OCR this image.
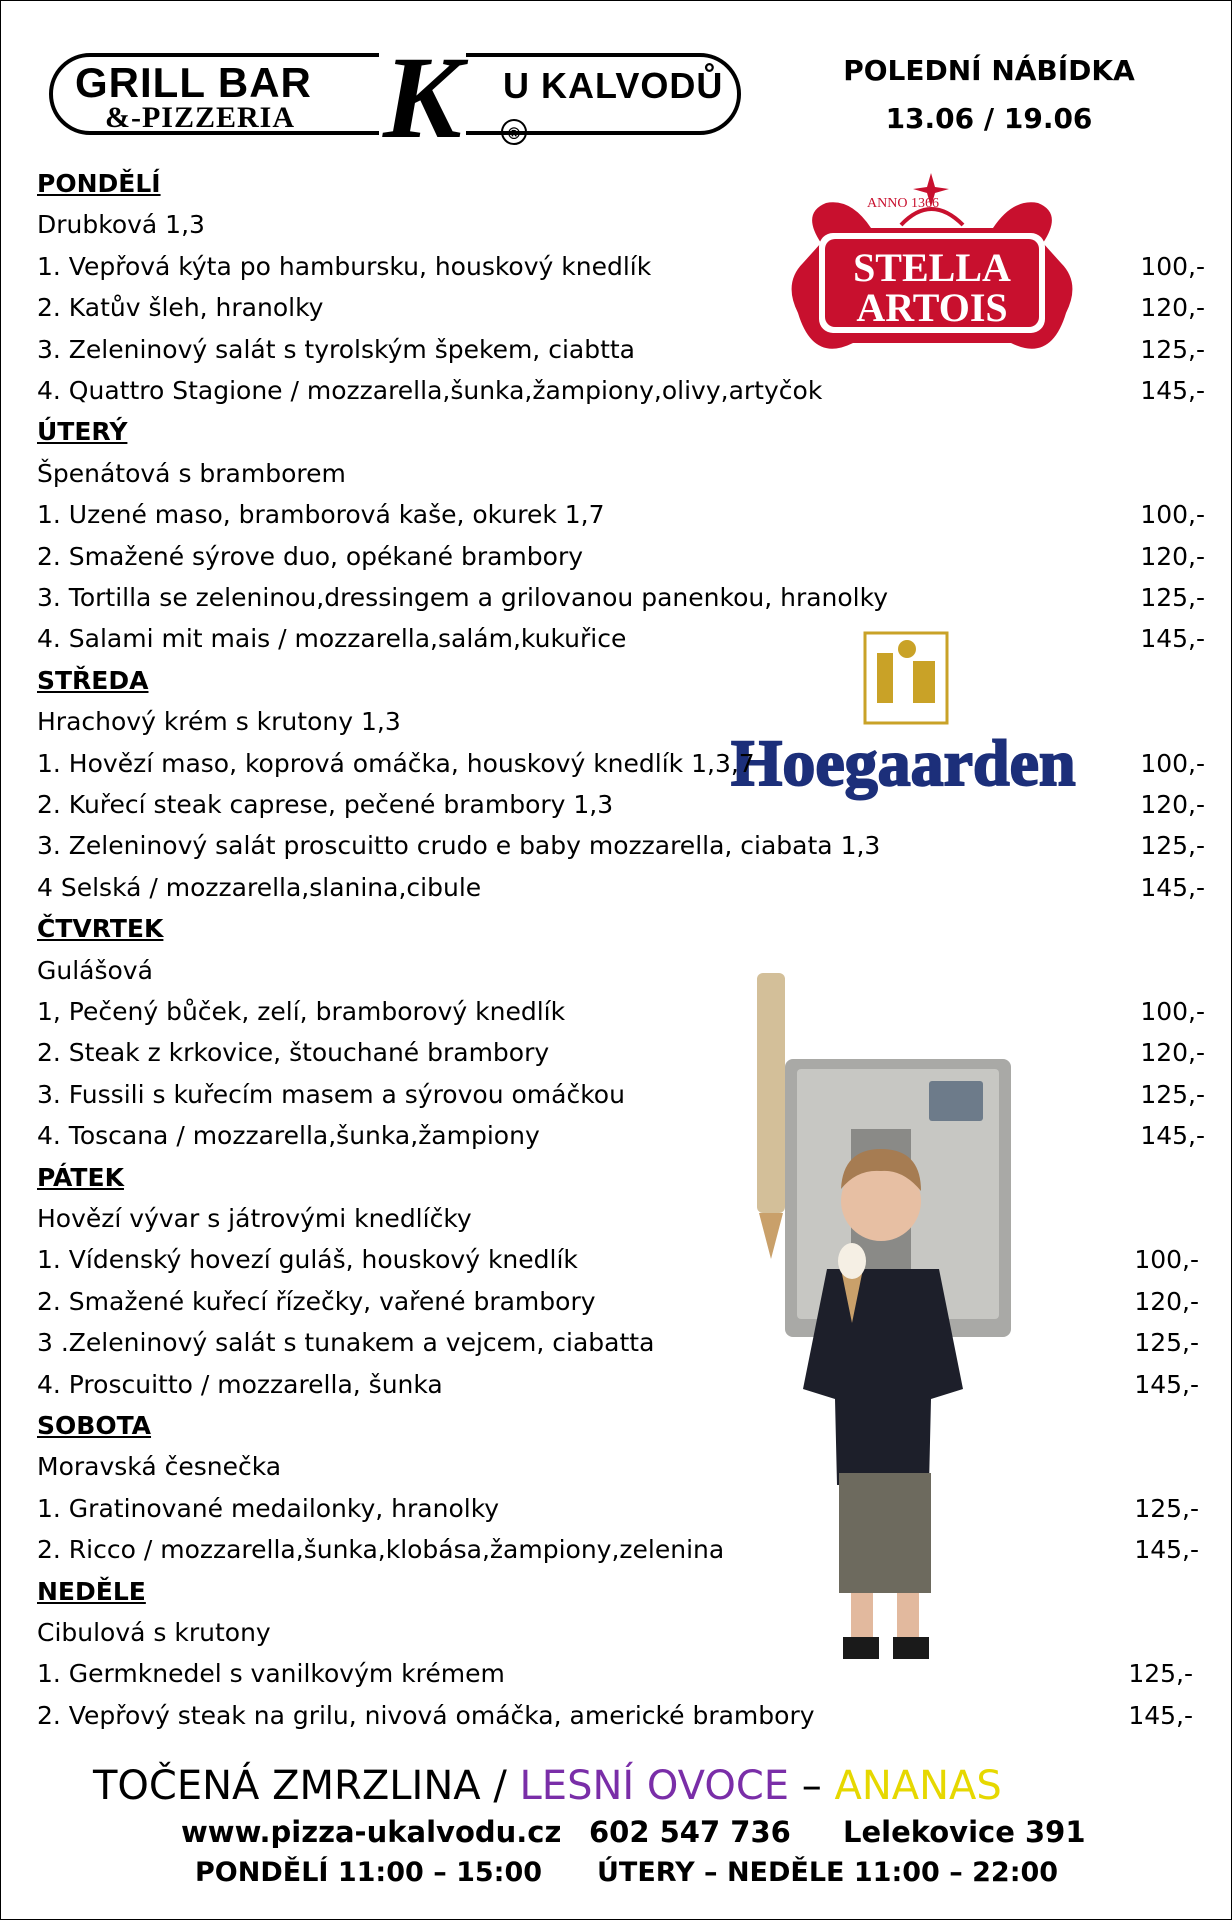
GRILL BAR
&-PIZZERIA K U KALVODŮ
®
POLEDNÍ NÁBÍDKA
13.06 / 19.06
ANNO 1366
STELLA
ARTOIS
Hoegaarden
TOČENÁ ZMRZLINA / LESNÍ OVOCE – ANANAS
www.pizza-ukalvodu.cz 602 547 736 Lelekovice 391
PONDĚLÍ 11:00 – 15:00 ÚTERY – NEDĚLE 11:00 – 22:00
PONDĚLÍ
Drubková 1,3
1. Vepřová kýta po hambursku, houskový knedlík	100,-
2. Katův šleh, hranolky	120,-
3. Zeleninový salát s tyrolským špekem, ciabtta	125,-
4. Quattro Stagione / mozzarella,šunka,žampiony,olivy,artyčok	145,-
ÚTERÝ
Špenátová s bramborem
1. Uzené maso, bramborová kaše, okurek 1,7	100,-
2. Smažené sýrove duo, opékané brambory	120,-
3. Tortilla se zeleninou,dressingem a grilovanou panenkou, hranolky	125,-
4. Salami mit mais / mozzarella,salám,kukuřice	145,-
STŘEDA
Hrachový krém s krutony 1,3
1. Hovězí maso, koprová omáčka, houskový knedlík 1,3,7	100,-
2. Kuřecí steak caprese, pečené brambory 1,3	120,-
3. Zeleninový salát proscuitto crudo e baby mozzarella, ciabata 1,3	125,-
4 Selská / mozzarella,slanina,cibule	145,-
ČTVRTEK
Gulášová
1, Pečený bůček, zelí, bramborový knedlík	100,-
2. Steak z krkovice, štouchané brambory	120,-
3. Fussili s kuřecím masem a sýrovou omáčkou	125,-
4. Toscana / mozzarella,šunka,žampiony	145,-
PÁTEK
Hovězí vývar s játrovými knedlíčky
1. Vídenský hovezí guláš, houskový knedlík	100,-
2. Smažené kuřecí řízečky, vařené brambory	120,-
3 .Zeleninový salát s tunakem a vejcem, ciabatta	125,-
4. Proscuitto / mozzarella, šunka	145,-
SOBOTA
Moravská česnečka
1. Gratinované medailonky, hranolky	125,-
2. Ricco / mozzarella,šunka,klobása,žampiony,zelenina	145,-
NEDĚLE
Cibulová s krutony
1. Germknedel s vanilkovým krémem	125,-
2. Vepřový steak na grilu, nivová omáčka, americké brambory	145,-
